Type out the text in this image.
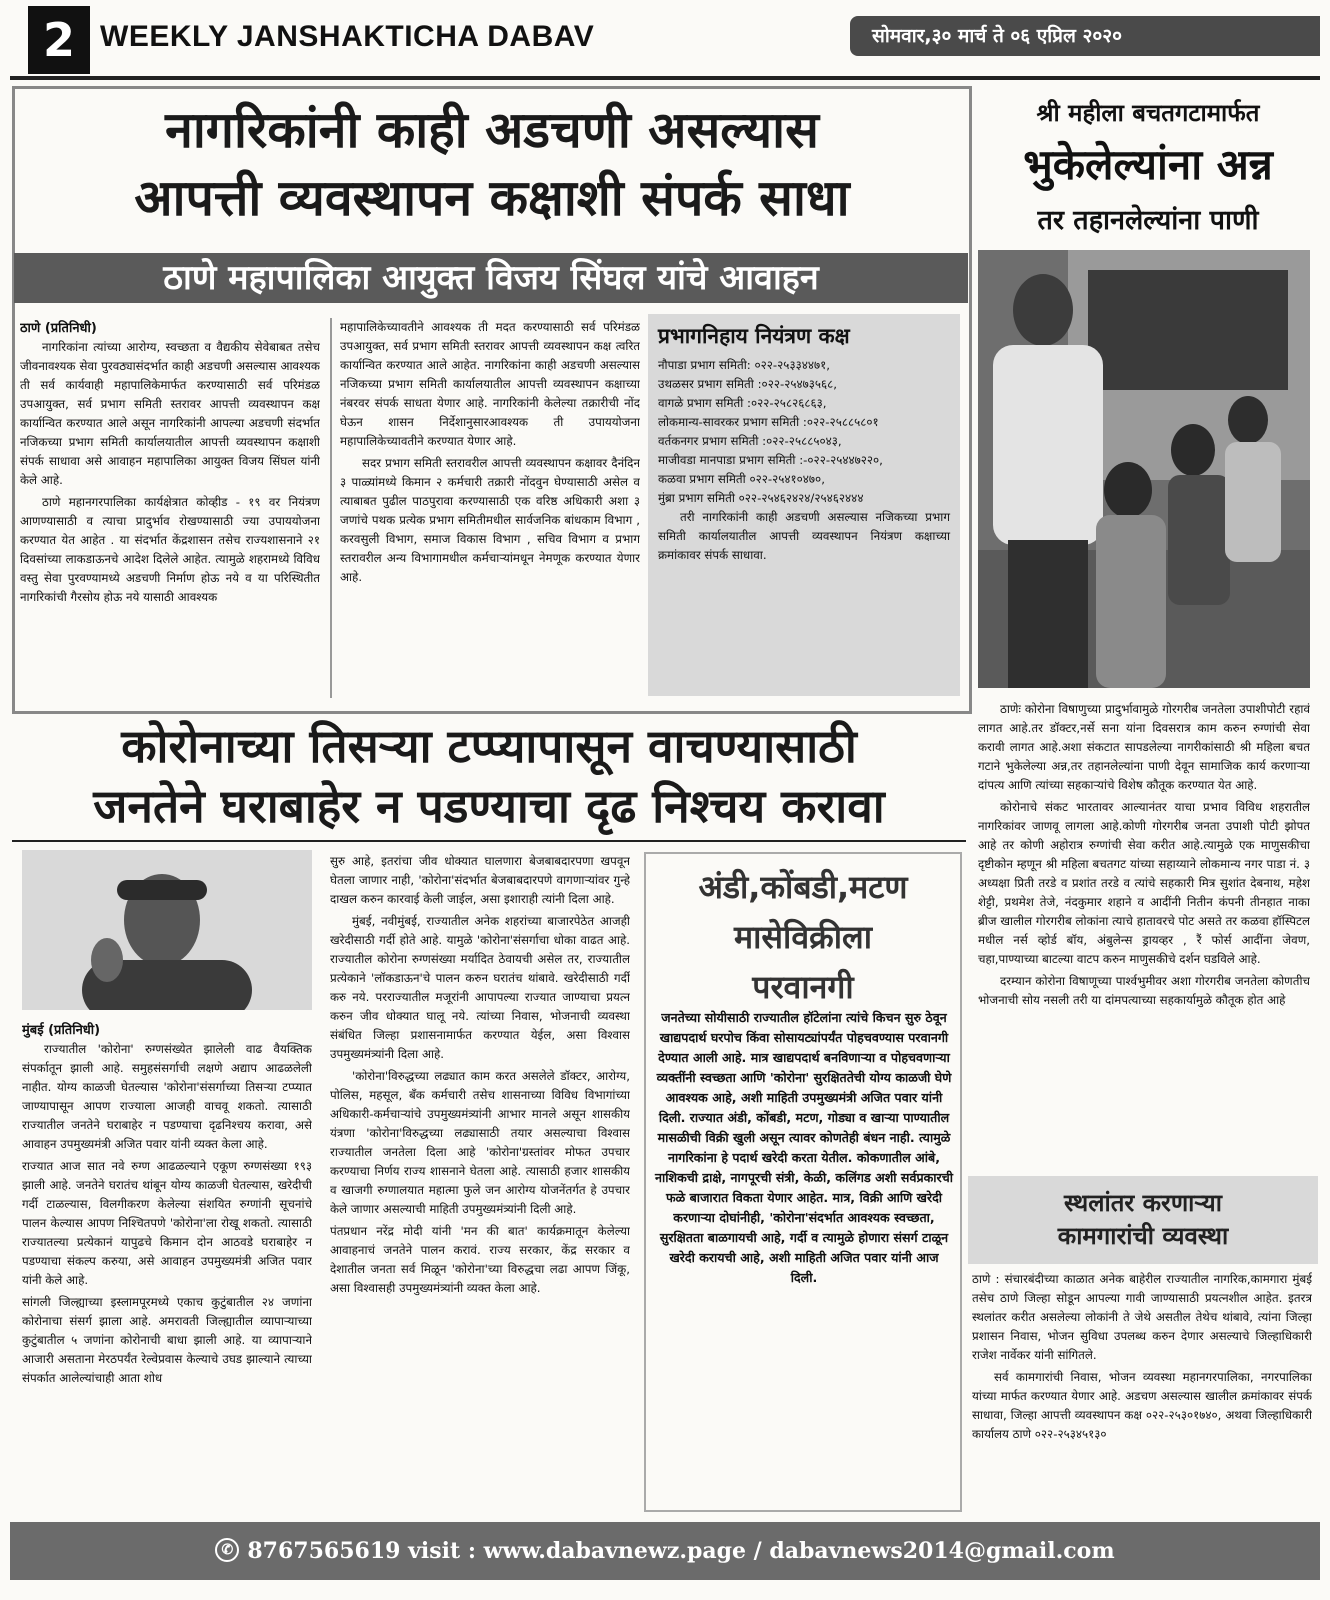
2 WEEKLY JANSHAKTICHA DABAV	सोमवार,३० मार्च ते ०६ एप्रिल २०२०
नागरिकांनी काही अडचणी असल्यास
आपत्ती व्यवस्थापन कक्षाशी संपर्क साधा
ठाणे महापालिका आयुक्त विजय सिंघल यांचे आवाहन
ठाणे (प्रतिनिधी)

नागरिकांना त्यांच्या आरोग्य, स्वच्छता व वैद्यकीय सेवेबाबत तसेच जीवनावश्यक सेवा पुरवठ्यासंदर्भात काही अडचणी असल्यास आवश्यक ती सर्व कार्यवाही महापालिकेमार्फत करण्यासाठी सर्व परिमंडळ उपआयुक्त, सर्व प्रभाग समिती स्तरावर आपत्ती व्यवस्थापन कक्ष कार्यान्वित करण्यात आले असून नागरिकांनी आपल्या अडचणी संदर्भात नजिकच्या प्रभाग समिती कार्यालयातील आपत्ती व्यवस्थापन कक्षाशी संपर्क साधावा असे आवाहन महापालिका आयुक्त विजय सिंघल यांनी केले आहे.

ठाणे महानगरपालिका कार्यक्षेत्रात कोव्हीड - १९ वर नियंत्रण आणण्यासाठी व त्याचा प्रादुर्भाव रोखण्यासाठी ज्या उपाययोजना करण्यात येत आहेत . या संदर्भात केंद्रशासन तसेच राज्यशासनाने २१ दिवसांच्या लाकडाऊनचे आदेश दिलेले आहेत. त्यामुळे शहरामध्ये विविध वस्तु सेवा पुरवण्यामध्ये अडचणी निर्माण होऊ नये व या परिस्थितीत नागरिकांची गैरसोय होऊ नये यासाठी आवश्यक

महापालिकेच्यावतीने आवश्यक ती मदत करण्यासाठी सर्व परिमंडळ उपआयुक्त, सर्व प्रभाग समिती स्तरावर आपत्ती व्यवस्थापन कक्ष त्वरित कार्यान्वित करण्यात आले आहेत. नागरिकांना काही अडचणी असल्यास नजिकच्या प्रभाग समिती कार्यालयातील आपत्ती व्यवस्थापन कक्षाच्या नंबरवर संपर्क साधता येणार आहे. नागरिकांनी केलेल्या तक्रारीची नोंद घेऊन शासन निर्देशानुसारआवश्यक ती उपाययोजना महापालिकेच्यावतीने करण्यात येणार आहे.

सदर प्रभाग समिती स्तरावरील आपत्ती व्यवस्थापन कक्षावर दैनंदिन ३ पाळ्यांमध्ये किमान २ कर्मचारी तक्रारी नोंदवुन घेण्यासाठी असेल व त्याबाबत पुढील पाठपुरावा करण्यासाठी एक वरिष्ठ अधिकारी अशा ३ जणांचे पथक प्रत्येक प्रभाग समितीमधील सार्वजनिक बांधकाम विभाग , करवसुली विभाग, समाज विकास विभाग , सचिव विभाग व प्रभाग स्तरावरील अन्य विभागामधील कर्मचाऱ्यांमधून नेमणूक करण्यात येणार आहे.

प्रभागनिहाय नियंत्रण कक्ष
नौपाडा प्रभाग समिती: ०२२-२५३३४४७१,
उथळसर प्रभाग समिती :०२२-२५४७३५६८,
वागळे प्रभाग समिती :०२२-२५८२६८६३,
लोकमान्य-सावरकर प्रभाग समिती :०२२-२५८८५८०१
वर्तकनगर प्रभाग समिती :०२२-२५८८५०४३,
माजीवडा मानपाडा प्रभाग समिती :-०२२-२५४४७२२०,
कळवा प्रभाग समिती ०२२-२५४१०४७०,
मुंब्रा प्रभाग समिती ०२२-२५४६२४२४/२५४६२४४४

तरी नागरिकांनी काही अडचणी असल्यास नजिकच्या प्रभाग समिती कार्यालयातील आपत्ती व्यवस्थापन नियंत्रण कक्षाच्या क्रमांकावर संपर्क साधावा.

श्री महीला बचतगटामार्फत
भुकेलेल्यांना अन्न
तर तहानलेल्यांना पाणी

ठाणेः कोरोना विषाणुच्या प्रादुर्भावामुळे गोरगरीब जनतेला उपाशीपोटी रहावं लागत आहे.तर डॉक्टर,नर्से सना यांना दिवसरात्र काम करुन रुग्णांची सेवा करावी लागत आहे.अशा संकटात सापडलेल्या नागरीकांसाठी श्री महिला बचत गटाने भुकेलेल्या अन्न,तर तहानलेल्यांना पाणी देवून सामाजिक कार्य करणाऱ्या दांपत्य आणि त्यांच्या सहकाऱ्यांचे विशेष कौतूक करण्यात येत आहे.

कोरोनाचे संकट भारतावर आल्यानंतर याचा प्रभाव विविध शहरातील नागरिकांवर जाणवू लागला आहे.कोणी गोरगरीब जनता उपाशी पोटी झोपत आहे तर कोणी अहोरात्र रुग्णांची सेवा करीत आहे.त्यामुळे एक माणुसकीचा दृष्टीकोन म्हणून श्री महिला बचतगट यांच्या सहाय्याने लोकमान्य नगर पाडा नं. ३ अध्यक्षा प्रिती तरडे व प्रशांत तरडे व त्यांचे सहकारी मित्र सुशांत देबनाथ, महेश शेट्टी, प्रथमेश तेजे, नंदकुमार शहाने व आदींनी नितीन कंपनी तीनहात नाका ब्रीज खालील गोरगरीब लोकांना त्याचे हातावरचे पोट असते तर कळवा हॉस्पिटल मधील नर्स व्होर्ड बॉय, अंबुलेन्स ड्रायव्हर , रैं फोर्स आदींना जेवण, चहा,पाण्याच्या बाटल्या वाटप करुन माणुसकीचे दर्शन घडविले आहे.

दरम्यान कोरोना विषाणूच्या पार्श्वभुमीवर अशा गोरगरीब जनतेला कोणतीच भोजनाची सोय नसली तरी या दांमपत्याच्या सहकार्यामुळे कौतूक होत आहे

स्थलांतर करणाऱ्या
कामगारांची व्यवस्था

ठाणे : संचारबंदीच्या काळात अनेक बाहेरील राज्यातील नागरिक,कामगारा मुंबई तसेच ठाणे जिल्हा सोडून आपल्या गावी जाण्यासाठी प्रयत्नशील आहेत. इतरत्र स्थलांतर करीत असलेल्या लोकांनी ते जेथे असतील तेथेच थांबावे, त्यांना जिल्हा प्रशासन निवास, भोजन सुविधा उपलब्ध करुन देणार असल्याचे जिल्हाधिकारी राजेश नार्वेकर यांनी सांगितले.

सर्व कामगारांची निवास, भोजन व्यवस्था महानगरपालिका, नगरपालिका यांच्या मार्फत करण्यात येणार आहे. अडचण असल्यास खालील क्रमांकावर संपर्क साधावा, जिल्हा आपत्ती व्यवस्थापन कक्ष ०२२-२५३०१७४०, अथवा जिल्हाधिकारी कार्यालय ठाणे ०२२-२५३४५१३०

कोरोनाच्या तिसऱ्या टप्प्यापासून वाचण्यासाठी
जनतेने घराबाहेर न पडण्याचा दृढ निश्चय करावा
मुंबई (प्रतिनिधी)

राज्यातील 'कोरोना' रुग्णसंख्येत झालेली वाढ वैयक्तिक संपर्कातून झाली आहे. समुहसंसर्गाची लक्षणे अद्याप आढळलेली नाहीत. योग्य काळजी घेतल्यास 'कोरोना'संसर्गाच्या तिसऱ्या टप्प्यात जाण्यापासून आपण राज्याला आजही वाचवू शकतो. त्यासाठी राज्यातील जनतेने घराबाहेर न पडण्याचा दृढनिश्चय करावा, असे आवाहन उपमुख्यमंत्री अजित पवार यांनी व्यक्त केला आहे.

राज्यात आज सात नवे रुग्ण आढळल्याने एकूण रुग्णसंख्या १९३ झाली आहे. जनतेने घरातंच थांबून योग्य काळजी घेतल्यास, खरेदीची गर्दी टाळल्यास, विलगीकरण केलेल्या संशयित रुग्णांनी सूचनांचे पालन केल्यास आपण निश्चितपणे 'कोरोना'ला रोखू शकतो. त्यासाठी राज्यातल्या प्रत्येकानं यापुढचे किमान दोन आठवडे घराबाहेर न पडण्याचा संकल्प करुया, असे आवाहन उपमुख्यमंत्री अजित पवार यांनी केले आहे.

सांगली जिल्ह्याच्या इस्लामपूरमध्ये एकाच कुटुंबातील २४ जणांना कोरोनाचा संसर्ग झाला आहे. अमरावती जिल्ह्यातील व्यापाऱ्याच्या कुटुंबातील ५ जणांना कोरोनाची बाधा झाली आहे. या व्यापाऱ्याने आजारी असताना मेरठपर्यंत रेल्वेप्रवास केल्याचे उघड झाल्याने त्याच्या संपर्कात आलेल्यांचाही आता शोध

सुरु आहे, इतरांचा जीव धोक्यात घालणारा बेजबाबदारपणा खपवून घेतला जाणार नाही, 'कोरोना'संदर्भात बेजबाबदारपणे वागणाऱ्यांवर गुन्हे दाखल करुन कारवाई केली जाईल, असा इशाराही त्यांनी दिला आहे.

मुंबई, नवीमुंबई, राज्यातील अनेक शहरांच्या बाजारपेठेत आजही खरेदीसाठी गर्दी होते आहे. यामुळे 'कोरोना'संसर्गाचा धोका वाढत आहे. राज्यातील कोरोना रुग्णसंख्या मर्यादित ठेवायची असेल तर, राज्यातील प्रत्येकाने 'लॉकडाऊन'चे पालन करुन घरातंच थांबावे. खरेदीसाठी गर्दी करु नये. परराज्यातील मजूरांनी आपापल्या राज्यात जाण्याचा प्रयत्न करुन जीव धोक्यात घालू नये. त्यांच्या निवास, भोजनाची व्यवस्था संबंधित जिल्हा प्रशासनामार्फत करण्यात येईल, असा विश्वास उपमुख्यमंत्र्यांनी दिला आहे.

'कोरोना'विरुद्धच्या लढ्यात काम करत असलेले डॉक्टर, आरोग्य, पोलिस, महसूल, बँक कर्मचारी तसेच शासनाच्या विविध विभागांच्या अधिकारी-कर्मचाऱ्यांचे उपमुख्यमंत्र्यांनी आभार मानले असून शासकीय यंत्रणा 'कोरोना'विरुद्धच्या लढ्यासाठी तयार असल्याचा विश्वास राज्यातील जनतेला दिला आहे 'कोरोना'ग्रस्तांवर मोफत उपचार करण्याचा निर्णय राज्य शासनाने घेतला आहे. त्यासाठी हजार शासकीय व खाजगी रुग्णालयात महात्मा फुले जन आरोग्य योजनेंतर्गत हे उपचार केले जाणार असल्याची माहिती उपमुख्यमंत्र्यांनी दिली आहे.

पंतप्रधान नरेंद्र मोदी यांनी 'मन की बात' कार्यक्रमातून केलेल्या आवाहनाचं जनतेने पालन करावं. राज्य सरकार, केंद्र सरकार व देशातील जनता सर्व मिळून 'कोरोना'च्या विरुद्धचा लढा आपण जिंकू, असा विश्वासही उपमुख्यमंत्र्यांनी व्यक्त केला आहे.

अंडी,कोंबडी,मटण
मासेविक्रीला
परवानगी
जनतेच्या सोयीसाठी राज्यातील हॉटेलांना त्यांचे किचन सुरु ठेवून खाद्यपदार्थ घरपोच किंवा सोसायट्यांपर्यंत पोहचवण्यास परवानगी देण्यात आली आहे. मात्र खाद्यपदार्थ बनविणाऱ्या व पोहचवणाऱ्या व्यक्तींनी स्वच्छता आणि 'कोरोना' सुरक्षिततेची योग्य काळजी घेणे आवश्यक आहे, अशी माहिती उपमुख्यमंत्री अजित पवार यांनी दिली. राज्यात अंडी, कोंबडी, मटण, गोड्या व खाऱ्या पाण्यातील मासळीची विक्री खुली असून त्यावर कोणतेही बंधन नाही. त्यामुळे नागरिकांना हे पदार्थ खरेदी करता येतील. कोकणातील आंबे, नाशिकची द्राक्षे, नागपूरची संत्री, केळी, कलिंगड अशी सर्वप्रकारची फळे बाजारात विकता येणार आहेत. मात्र, विक्री आणि खरेदी करणाऱ्या दोघांनीही, 'कोरोना'संदर्भात आवश्यक स्वच्छता, सुरक्षितता बाळगायची आहे, गर्दी व त्यामुळे होणारा संसर्ग टाळून खरेदी करायची आहे, अशी माहिती अजित पवार यांनी आज दिली.
✆ 8767565619 visit : www.dabavnewz.page / dabavnews2014@gmail.com
